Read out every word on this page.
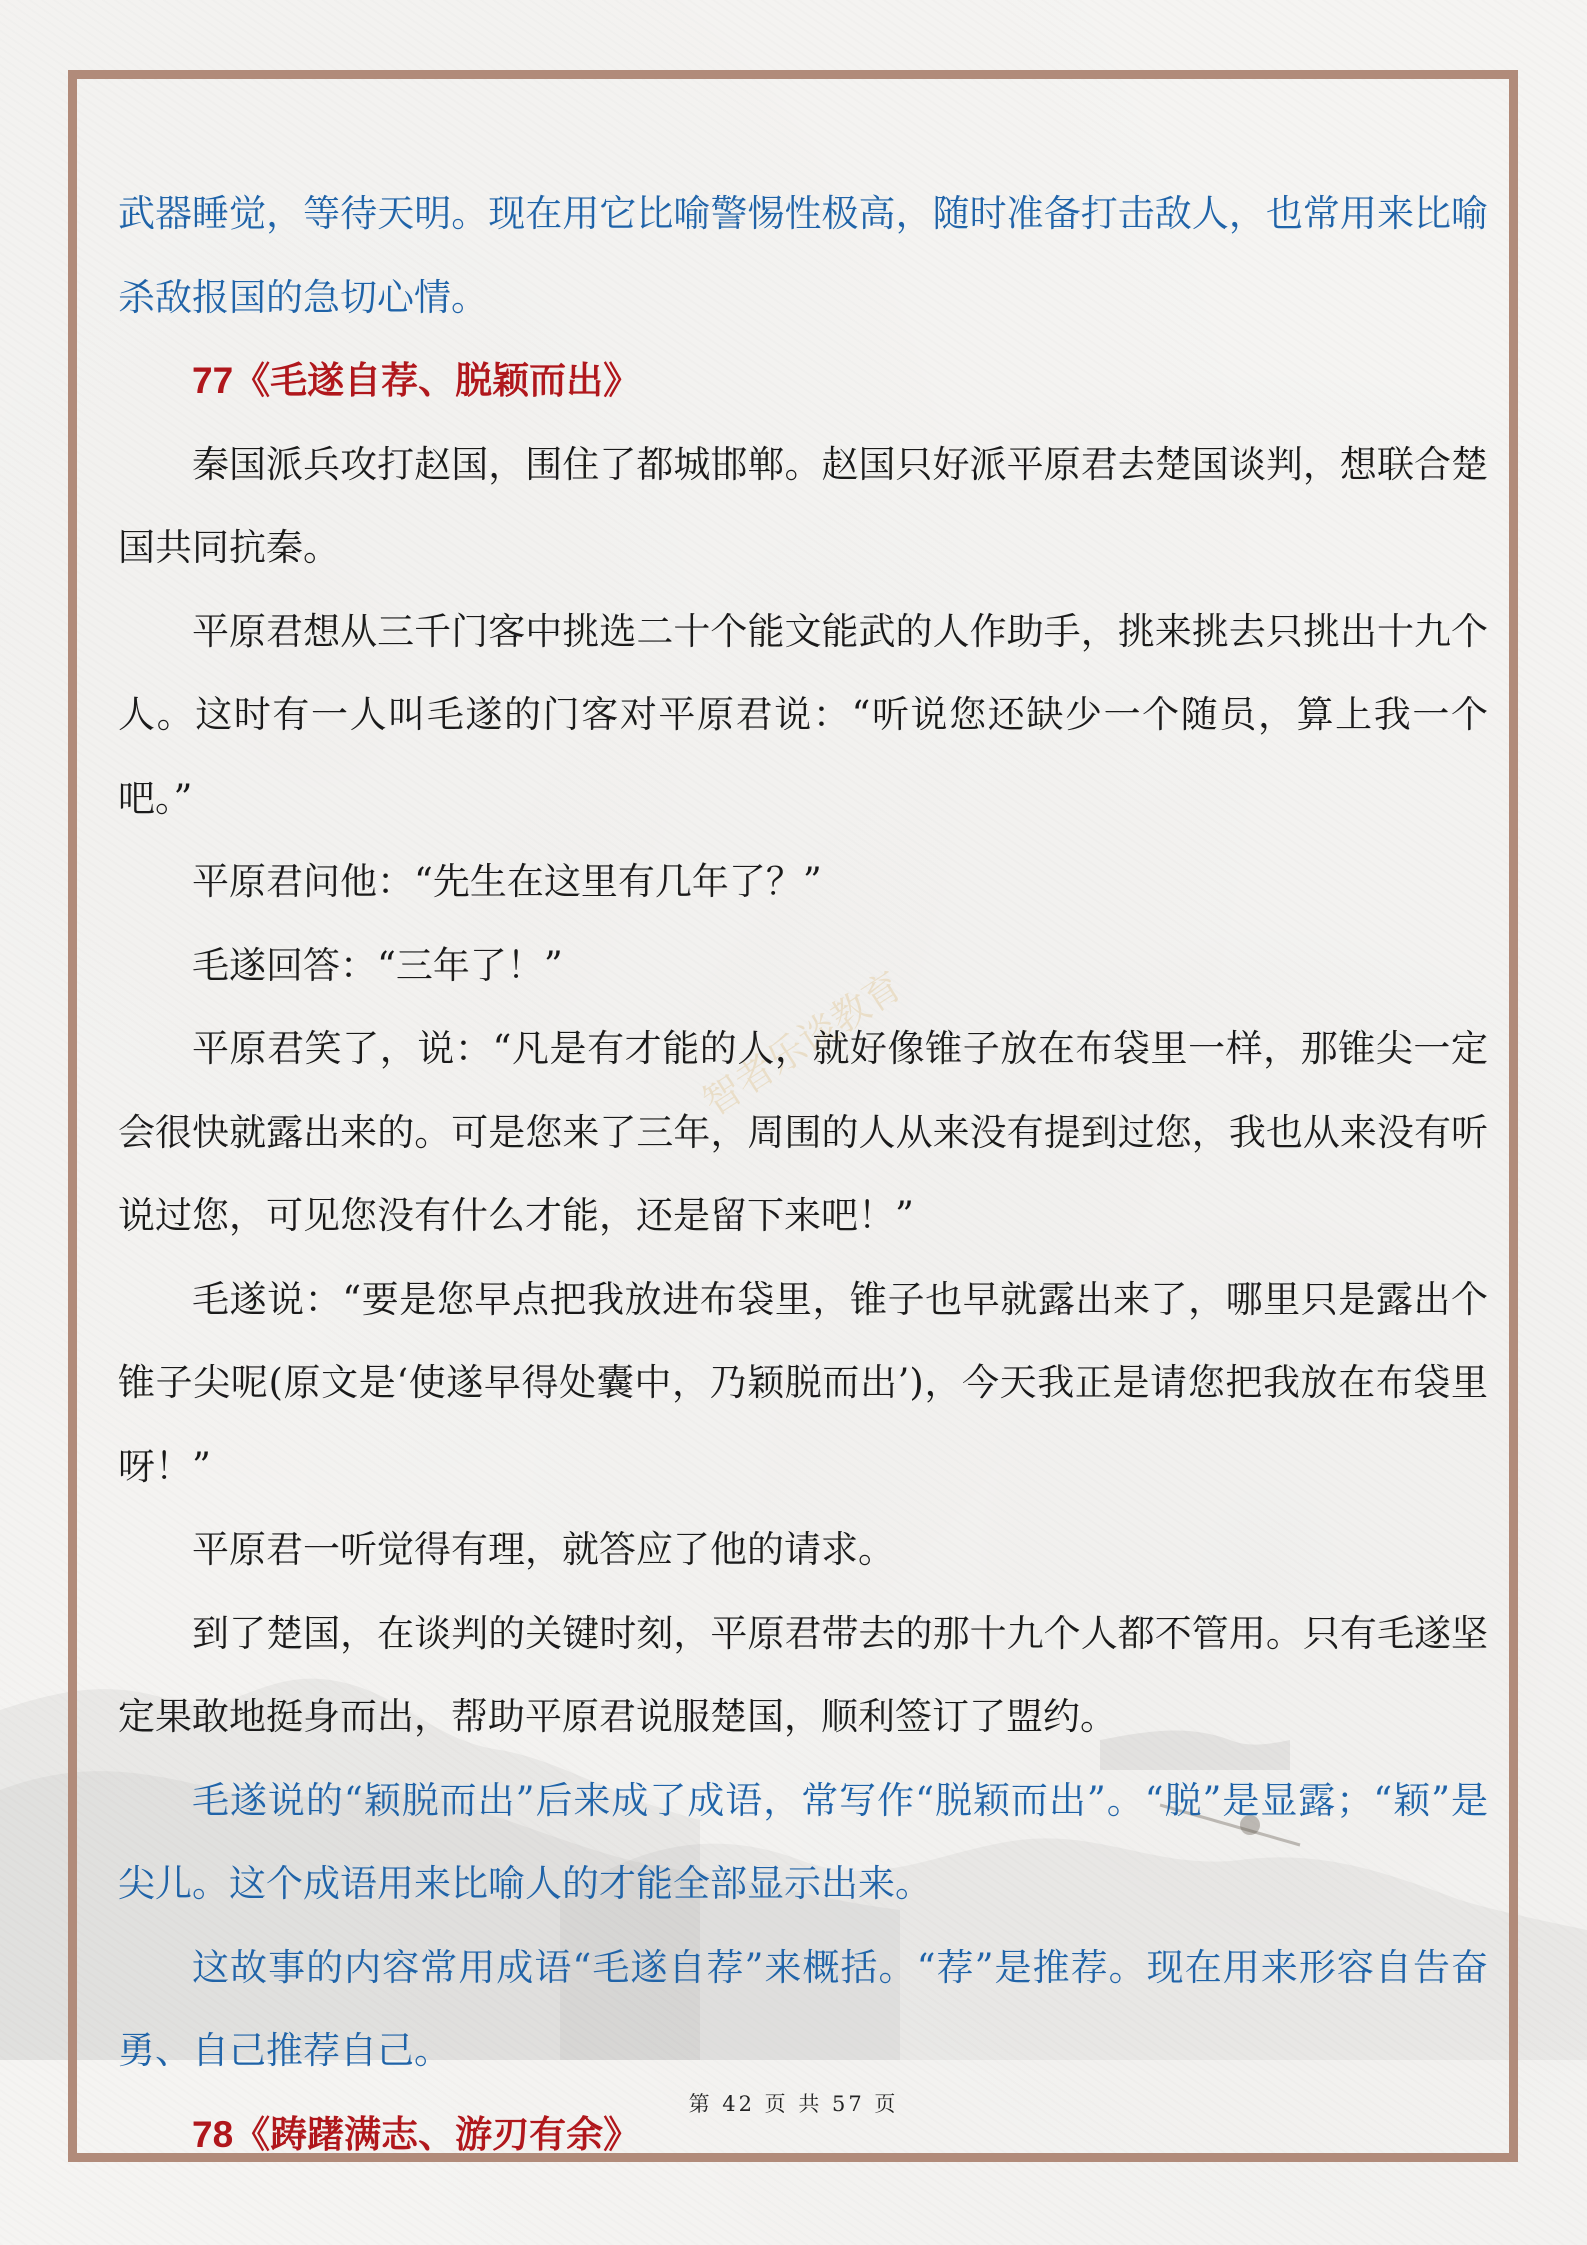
智者乐谈教育

武器睡觉，等待天明。现在用它比喻警惕性极高，随时准备打击敌人，也常用来比喻杀敌报国的急切心情。

77《毛遂自荐、脱颖而出》

秦国派兵攻打赵国，围住了都城邯郸。赵国只好派平原君去楚国谈判，想联合楚国共同抗秦。

平原君想从三千门客中挑选二十个能文能武的人作助手，挑来挑去只挑出十九个人。这时有一人叫毛遂的门客对平原君说：“听说您还缺少一个随员，算上我一个吧。”

平原君问他：“先生在这里有几年了？”

毛遂回答：“三年了！”

平原君笑了，说：“凡是有才能的人，就好像锥子放在布袋里一样，那锥尖一定会很快就露出来的。可是您来了三年，周围的人从来没有提到过您，我也从来没有听说过您，可见您没有什么才能，还是留下来吧！”

毛遂说：“要是您早点把我放进布袋里，锥子也早就露出来了，哪里只是露出个锥子尖呢(原文是‘使遂早得处囊中，乃颖脱而出’)，今天我正是请您把我放在布袋里呀！”

平原君一听觉得有理，就答应了他的请求。

到了楚国，在谈判的关键时刻，平原君带去的那十九个人都不管用。只有毛遂坚定果敢地挺身而出，帮助平原君说服楚国，顺利签订了盟约。

毛遂说的“颖脱而出”后来成了成语，常写作“脱颖而出”。“脱”是显露；“颖”是尖儿。这个成语用来比喻人的才能全部显示出来。

这故事的内容常用成语“毛遂自荐”来概括。“荐”是推荐。现在用来形容自告奋勇、自己推荐自己。

78《踌躇满志、游刃有余》

第 42 页 共 57 页
